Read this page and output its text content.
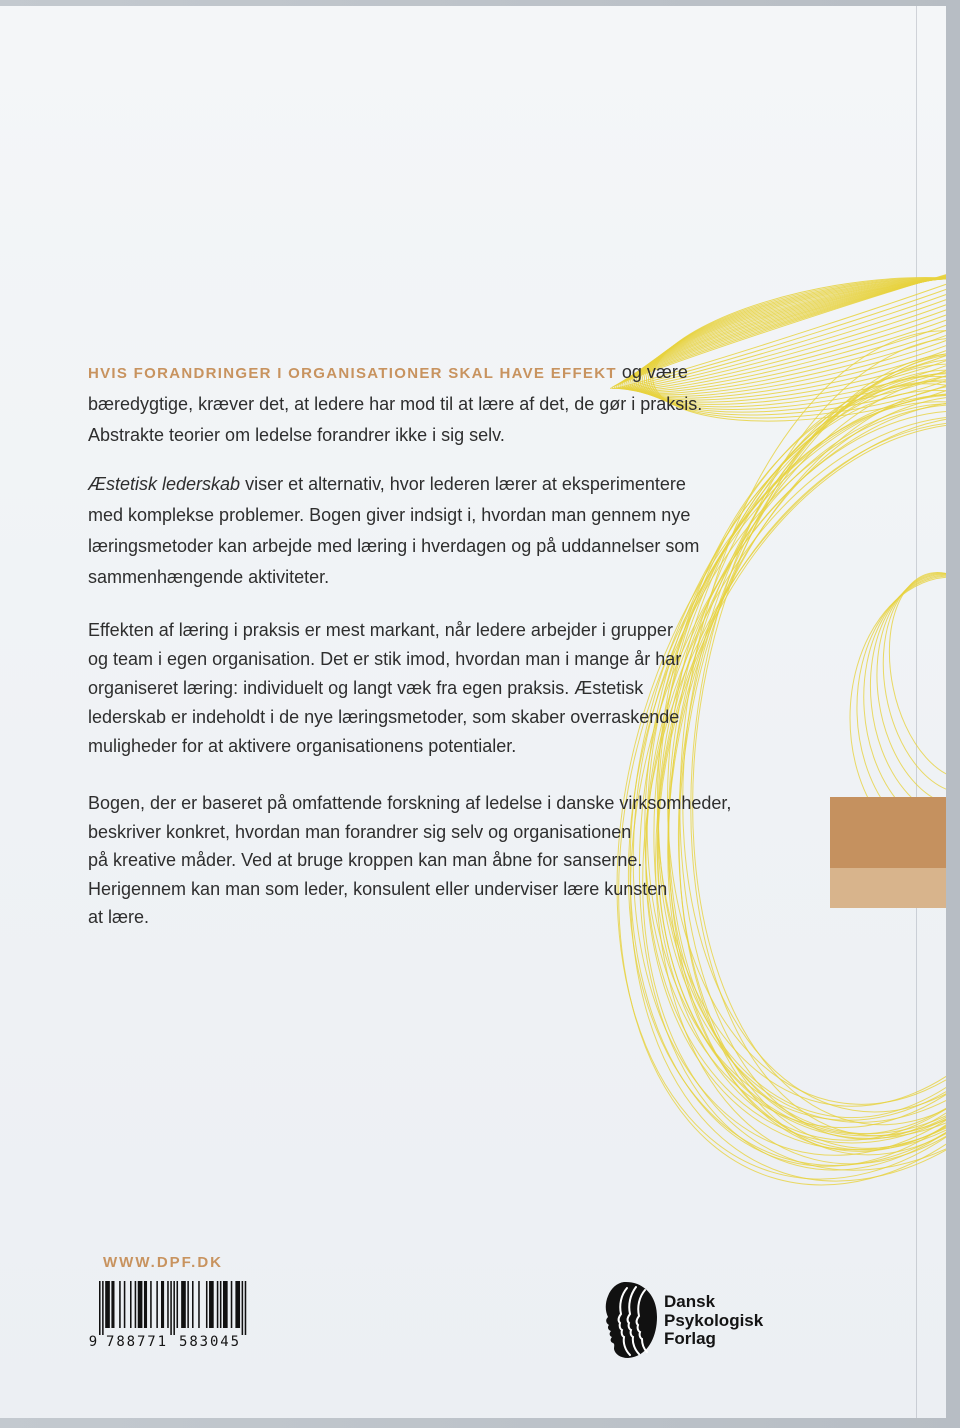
HVIS FORANDRINGER I ORGANISATIONER SKAL HAVE EFFEKT og være
bæredygtige, kræver det, at ledere har mod til at lære af det, de gør i praksis.
Abstrakte teorier om ledelse forandrer ikke i sig selv.
Æstetisk lederskab viser et alternativ, hvor lederen lærer at eksperimentere
med komplekse problemer. Bogen giver indsigt i, hvordan man gennem nye
læringsmetoder kan arbejde med læring i hverdagen og på uddannelser som
sammenhængende aktiviteter.
Effekten af læring i praksis er mest markant, når ledere arbejder i grupper
og team i egen organisation. Det er stik imod, hvordan man i mange år har
organiseret læring: individuelt og langt væk fra egen praksis. Æstetisk
lederskab er indeholdt i de nye læringsmetoder, som skaber overraskende
muligheder for at aktivere organisationens potentialer.
Bogen, der er baseret på omfattende forskning af ledelse i danske virksomheder,
beskriver konkret, hvordan man forandrer sig selv og organisationen
på kreative måder. Ved at bruge kroppen kan man åbne for sanserne.
Herigennem kan man som leder, konsulent eller underviser lære kunsten
at lære.
WWW.DPF.DK
9 788771 583045
Dansk
Psykologisk
Forlag
